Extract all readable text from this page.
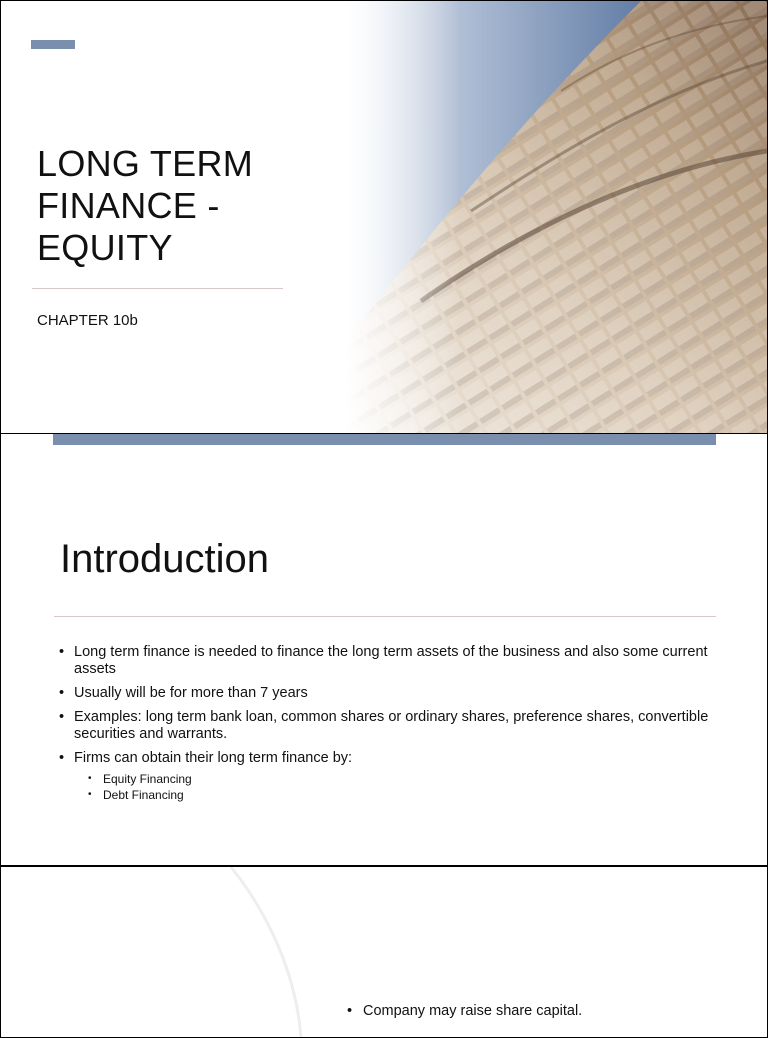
LONG TERM
FINANCE -
EQUITY
CHAPTER 10b
Introduction
• Long term finance is needed to finance the long term assets of the business and also some current assets
• Usually will be for more than 7 years
• Examples: long term bank loan, common shares or ordinary shares, preference shares, convertible securities and warrants.
• Firms can obtain their long term finance by:
• Equity Financing
• Debt Financing
• Company may raise share capital.
